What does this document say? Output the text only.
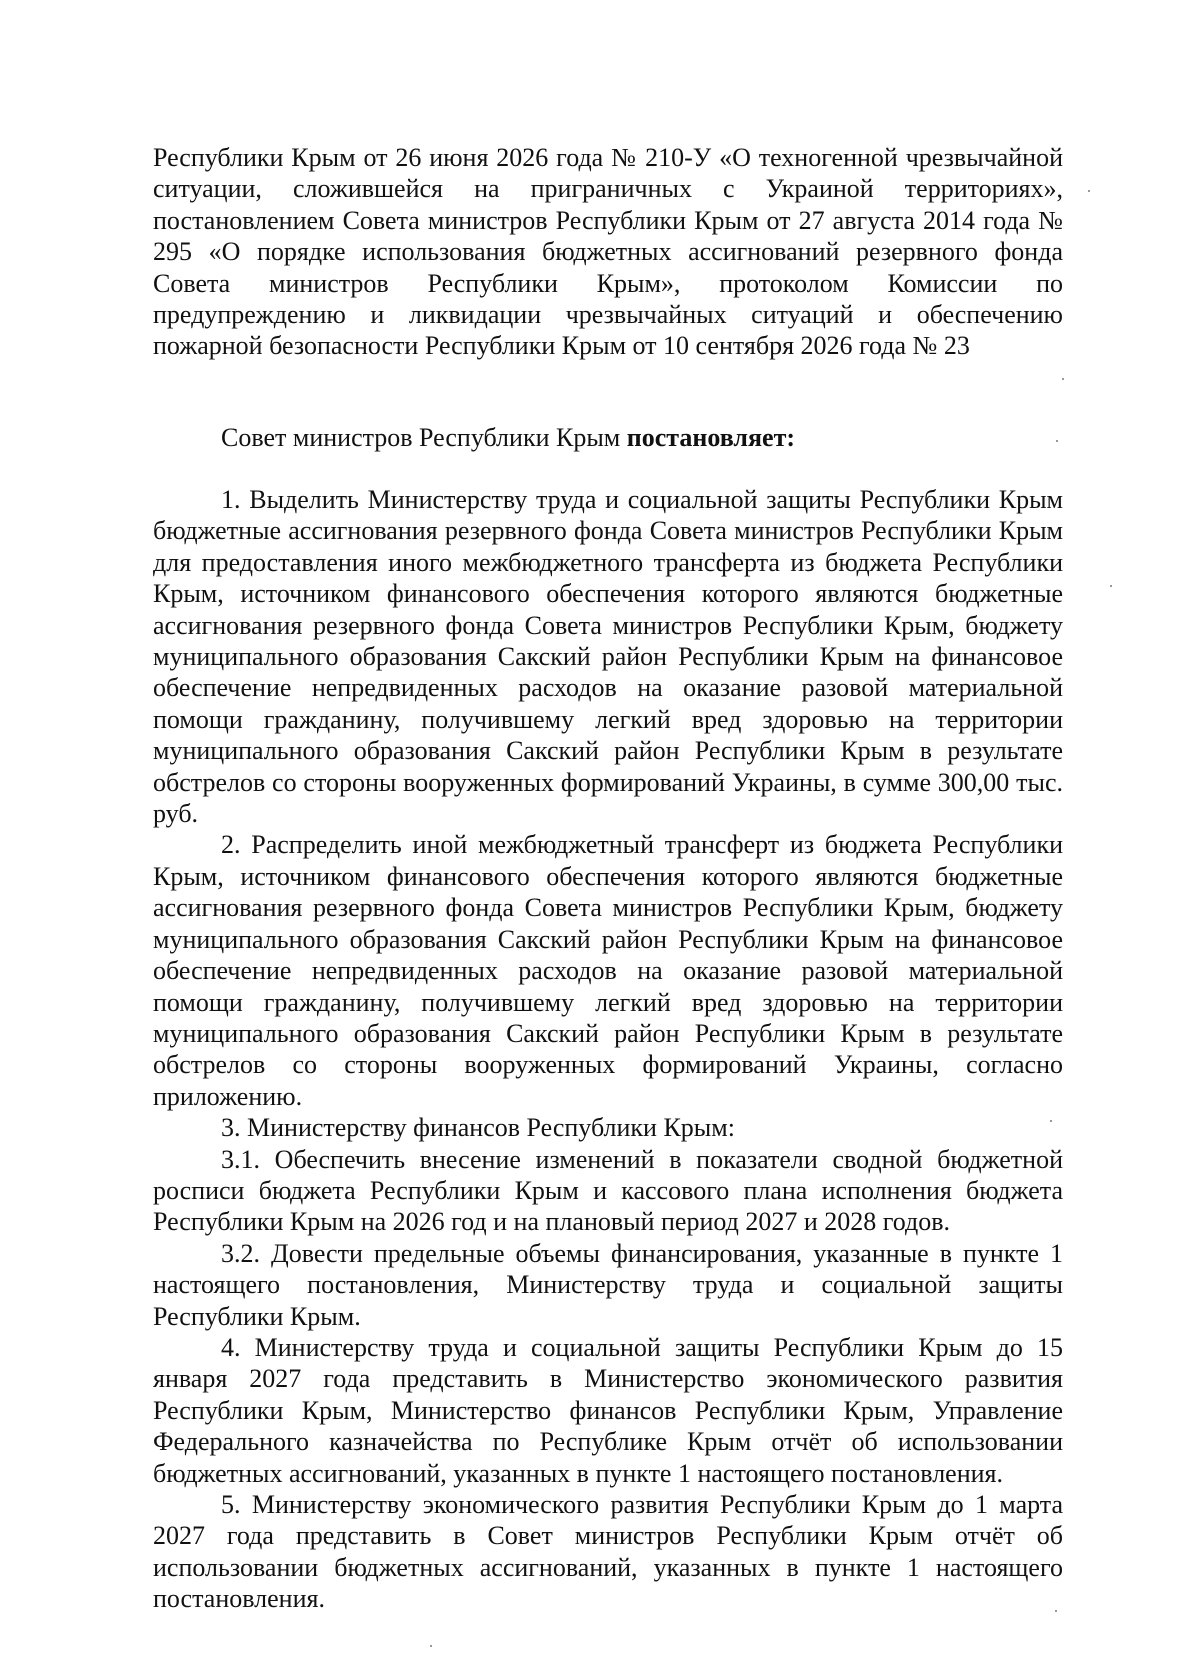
Республики Крым от 26 июня 2026 года № 210-У «О техногенной чрезвычайной ситуации, сложившейся на приграничных с Украиной территориях», постановлением Совета министров Республики Крым от 27 августа 2014 года № 295 «О порядке использования бюджетных ассигнований резервного фонда Совета министров Республики Крым», протоколом Комиссии по предупреждению и ликвидации чрезвычайных ситуаций и обеспечению пожарной безопасности Республики Крым от 10 сентября 2026 года № 23

Совет министров Республики Крым постановляет:

1. Выделить Министерству труда и социальной защиты Республики Крым бюджетные ассигнования резервного фонда Совета министров Республики Крым для предоставления иного межбюджетного трансферта из бюджета Республики Крым, источником финансового обеспечения которого являются бюджетные ассигнования резервного фонда Совета министров Республики Крым, бюджету муниципального образования Сакский район Республики Крым на финансовое обеспечение непредвиденных расходов на оказание разовой материальной помощи гражданину, получившему легкий вред здоровью на территории муниципального образования Сакский район Республики Крым в результате обстрелов со стороны вооруженных формирований Украины, в сумме 300,00 тыс. руб.

2. Распределить иной межбюджетный трансферт из бюджета Республики Крым, источником финансового обеспечения которого являются бюджетные ассигнования резервного фонда Совета министров Республики Крым, бюджету муниципального образования Сакский район Республики Крым на финансовое обеспечение непредвиденных расходов на оказание разовой материальной помощи гражданину, получившему легкий вред здоровью на территории муниципального образования Сакский район Республики Крым в результате обстрелов со стороны вооруженных формирований Украины, согласно приложению.

3. Министерству финансов Республики Крым:

3.1. Обеспечить внесение изменений в показатели сводной бюджетной росписи бюджета Республики Крым и кассового плана исполнения бюджета Республики Крым на 2026 год и на плановый период 2027 и 2028 годов.

3.2. Довести предельные объемы финансирования, указанные в пункте 1 настоящего постановления, Министерству труда и социальной защиты Республики Крым.

4. Министерству труда и социальной защиты Республики Крым до 15 января 2027 года представить в Министерство экономического развития Республики Крым, Министерство финансов Республики Крым, Управление Федерального казначейства по Республике Крым отчёт об использовании бюджетных ассигнований, указанных в пункте 1 настоящего постановления.

5. Министерству экономического развития Республики Крым до 1 марта 2027 года представить в Совет министров Республики Крым отчёт об использовании бюджетных ассигнований, указанных в пункте 1 настоящего постановления.
